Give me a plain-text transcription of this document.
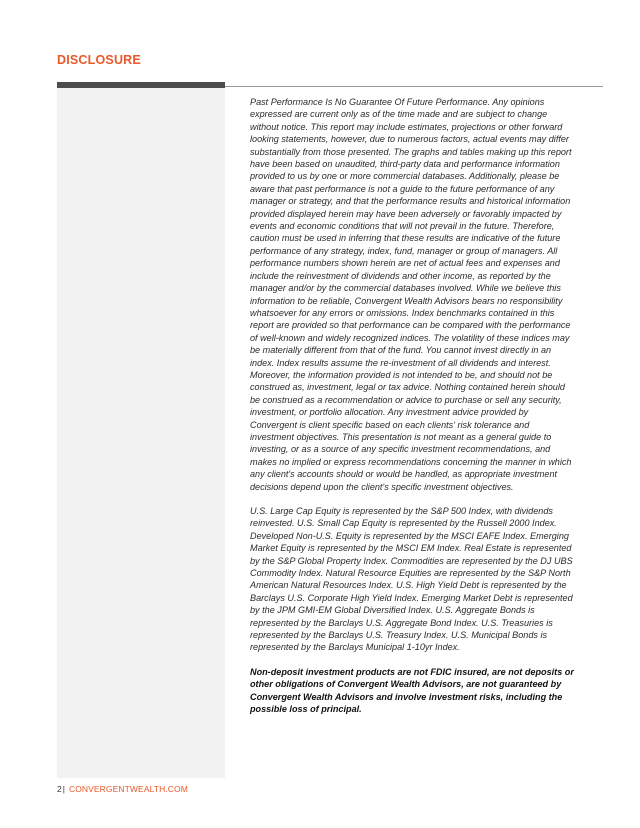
DISCLOSURE

Past Performance Is No Guarantee Of Future Performance. Any opinions expressed are current only as of the time made and are subject to change without notice. This report may include estimates, projections or other forward looking statements, however, due to numerous factors, actual events may differ substantially from those presented. The graphs and tables making up this report have been based on unaudited, third-party data and performance information provided to us by one or more commercial databases. Additionally, please be aware that past performance is not a guide to the future performance of any manager or strategy, and that the performance results and historical information provided displayed herein may have been adversely or favorably impacted by events and economic conditions that will not prevail in the future. Therefore, caution must be used in inferring that these results are indicative of the future performance of any strategy, index, fund, manager or group of managers. All performance numbers shown herein are net of actual fees and expenses and include the reinvestment of dividends and other income, as reported by the manager and/or by the commercial databases involved. While we believe this information to be reliable, Convergent Wealth Advisors bears no responsibility whatsoever for any errors or omissions. Index benchmarks contained in this report are provided so that performance can be compared with the performance of well-known and widely recognized indices. The volatility of these indices may be materially different from that of the fund. You cannot invest directly in an index. Index results assume the re-investment of all dividends and interest. Moreover, the information provided is not intended to be, and should not be construed as, investment, legal or tax advice. Nothing contained herein should be construed as a recommendation or advice to purchase or sell any security, investment, or portfolio allocation. Any investment advice provided by Convergent is client specific based on each clients' risk tolerance and investment objectives. This presentation is not meant as a general guide to investing, or as a source of any specific investment recommendations, and makes no implied or express recommendations concerning the manner in which any client's accounts should or would be handled, as appropriate investment decisions depend upon the client's specific investment objectives.

U.S. Large Cap Equity is represented by the S&P 500 Index, with dividends reinvested. U.S. Small Cap Equity is represented by the Russell 2000 Index. Developed Non-U.S. Equity is represented by the MSCI EAFE Index. Emerging Market Equity is represented by the MSCI EM Index. Real Estate is represented by the S&P Global Property Index. Commodities are represented by the DJ UBS Commodity Index. Natural Resource Equities are represented by the S&P North American Natural Resources Index. U.S. High Yield Debt is represented by the Barclays U.S. Corporate High Yield Index. Emerging Market Debt is represented by the JPM GMI-EM Global Diversified Index. U.S. Aggregate Bonds is represented by the Barclays U.S. Aggregate Bond Index. U.S. Treasuries is represented by the Barclays U.S. Treasury Index. U.S. Municipal Bonds is represented by the Barclays Municipal 1-10yr Index.

Non-deposit investment products are not FDIC insured, are not deposits or other obligations of Convergent Wealth Advisors, are not guaranteed by Convergent Wealth Advisors and involve investment risks, including the possible loss of principal.

2| CONVERGENTWEALTH.COM
